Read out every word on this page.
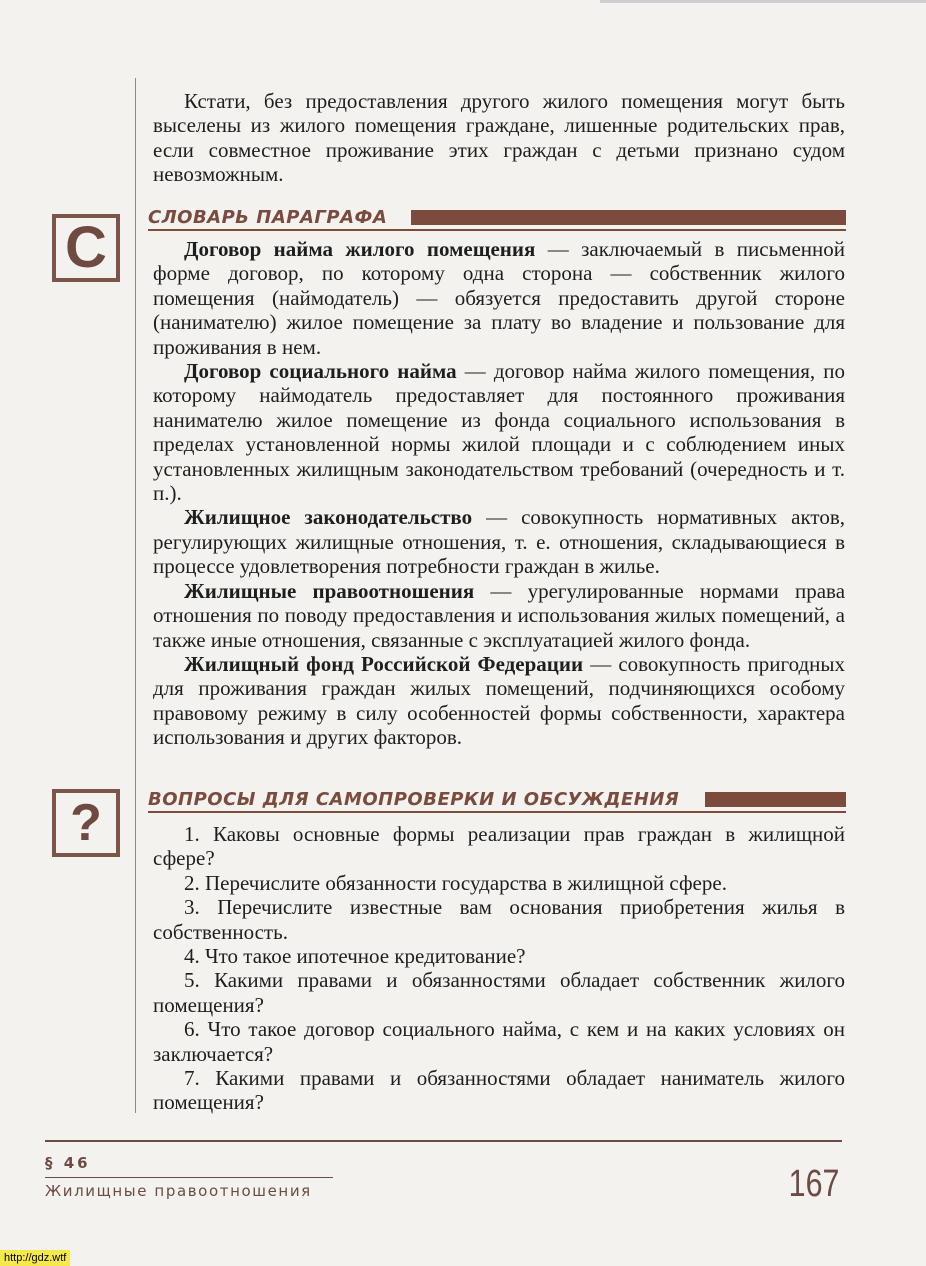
Кстати, без предоставления другого жилого помещения могут быть выселены из жилого помещения граждане, лишенные родительских прав, если совместное проживание этих граждан с детьми признано судом невозможным.

С	СЛОВАРЬ ПАРАГРАФА

Договор найма жилого помещения — заключаемый в письменной форме договор, по которому одна сторона — собственник жилого помещения (наймодатель) — обязуется предоставить другой стороне (нанимателю) жилое помещение за плату во владение и пользование для проживания в нем.

Договор социального найма — договор найма жилого помещения, по которому наймодатель предоставляет для постоянного проживания нанимателю жилое помещение из фонда социального использования в пределах установленной нормы жилой площади и с соблюдением иных установленных жилищным законодательством требований (очередность и т. п.).

Жилищное законодательство — совокупность нормативных актов, регулирующих жилищные отношения, т. е. отношения, складывающиеся в процессе удовлетворения потребности граждан в жилье.

Жилищные правоотношения — урегулированные нормами права отношения по поводу предоставления и использования жилых помещений, а также иные отношения, связанные с эксплуатацией жилого фонда.

Жилищный фонд Российской Федерации — совокупность пригодных для проживания граждан жилых помещений, подчиняющихся особому правовому режиму в силу особенностей формы собственности, характера использования и других факторов.

?	ВОПРОСЫ ДЛЯ САМОПРОВЕРКИ И ОБСУЖДЕНИЯ

1. Каковы основные формы реализации прав граждан в жилищной сфере?

2. Перечислите обязанности государства в жилищной сфере.

3. Перечислите известные вам основания приобретения жилья в собственность.

4. Что такое ипотечное кредитование?

5. Какими правами и обязанностями обладает собственник жилого помещения?

6. Что такое договор социального найма, с кем и на каких условиях он заключается?

7. Какими правами и обязанностями обладает наниматель жилого помещения?

§ 46
Жилищные правоотношения	167
http://gdz.wtf
